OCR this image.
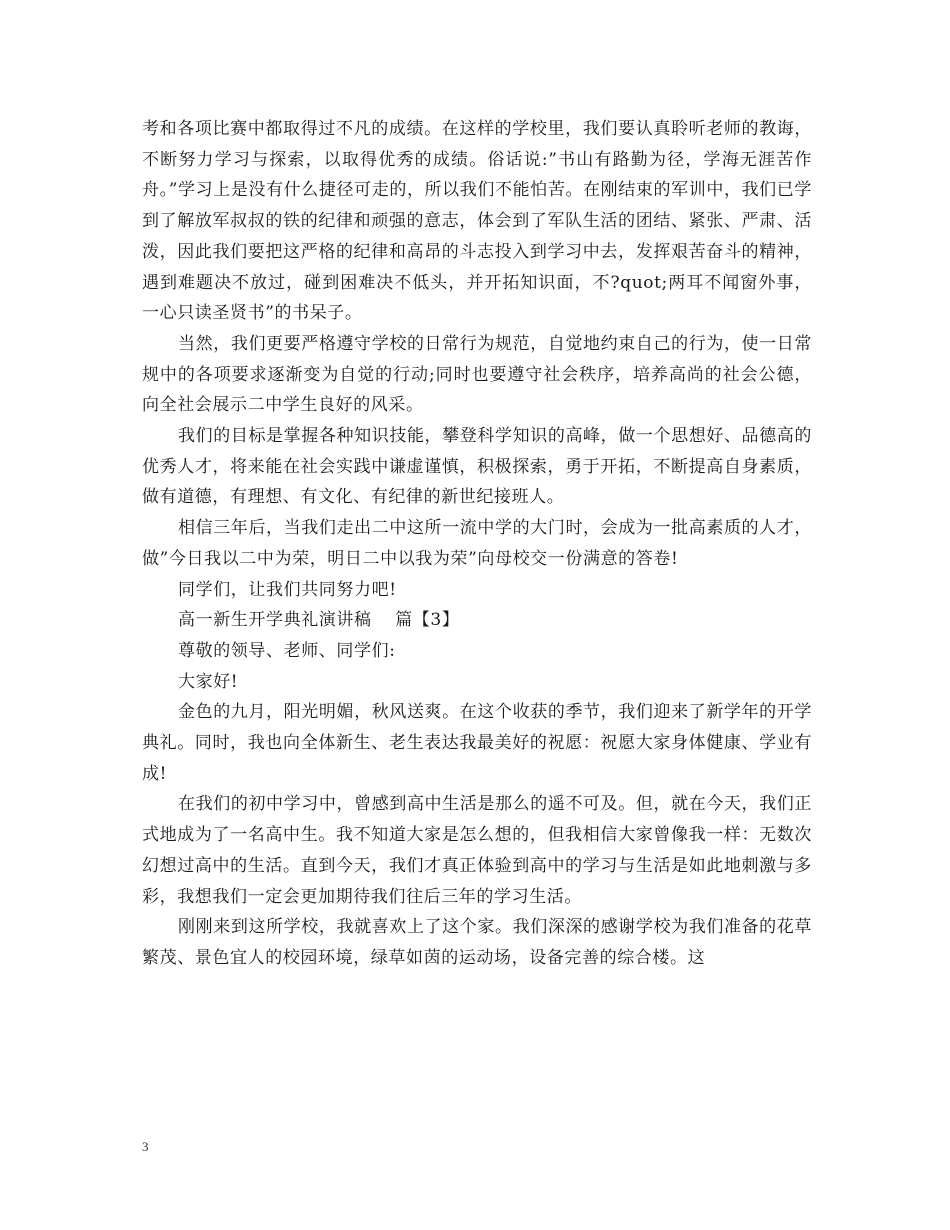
考和各项比赛中都取得过不凡的成绩。在这样的学校里，我们要认真聆听老师的教诲，不断努力学习与探索，以取得优秀的成绩。俗话说:”书山有路勤为径，学海无涯苦作舟。”学习上是没有什么捷径可走的，所以我们不能怕苦。在刚结束的军训中，我们已学到了解放军叔叔的铁的纪律和顽强的意志，体会到了军队生活的团结、紧张、严肃、活泼，因此我们要把这严格的纪律和高昂的斗志投入到学习中去，发挥艰苦奋斗的精神，遇到难题决不放过，碰到困难决不低头，并开拓知识面，不?quot;两耳不闻窗外事，一心只读圣贤书”的书呆子。

当然，我们更要严格遵守学校的日常行为规范，自觉地约束自己的行为，使一日常规中的各项要求逐渐变为自觉的行动;同时也要遵守社会秩序，培养高尚的社会公德，向全社会展示二中学生良好的风采。

我们的目标是掌握各种知识技能，攀登科学知识的高峰，做一个思想好、品德高的优秀人才，将来能在社会实践中谦虚谨慎，积极探索，勇于开拓，不断提高自身素质，做有道德，有理想、有文化、有纪律的新世纪接班人。

相信三年后，当我们走出二中这所一流中学的大门时，会成为一批高素质的人才，做”今日我以二中为荣，明日二中以我为荣”向母校交一份满意的答卷!

同学们，让我们共同努力吧!

高一新生开学典礼演讲稿　 篇【3】

尊敬的领导、老师、同学们:

大家好!

金色的九月，阳光明媚，秋风送爽。在这个收获的季节，我们迎来了新学年的开学典礼。同时，我也向全体新生、老生表达我最美好的祝愿：祝愿大家身体健康、学业有成!

在我们的初中学习中，曾感到高中生活是那么的遥不可及。但，就在今天，我们正式地成为了一名高中生。我不知道大家是怎么想的，但我相信大家曾像我一样：无数次幻想过高中的生活。直到今天，我们才真正体验到高中的学习与生活是如此地刺激与多彩，我想我们一定会更加期待我们往后三年的学习生活。

刚刚来到这所学校，我就喜欢上了这个家。我们深深的感谢学校为我们准备的花草繁茂、景色宜人的校园环境，绿草如茵的运动场，设备完善的综合楼。这

3
